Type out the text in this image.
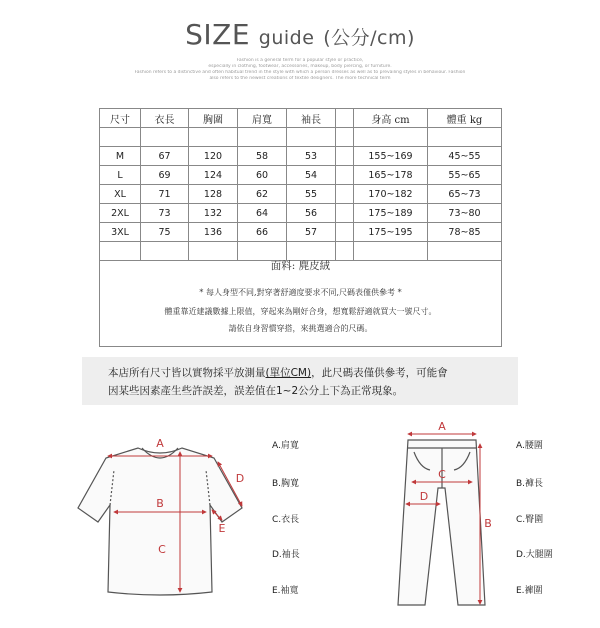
SIZE guide (公分/cm)
Fashion is a general term for a popular style or practice,
especially in clothing, footwear, accessories, makeup, body piercing, or furniture.
Fashion refers to a distinctive and often habitual trend in the style with which a person dresses as well as to prevailing styles in behaviour. Fashion
also refers to the newest creations of textile designers. The more technical term
尺寸	衣長	胸圍	肩寬	袖長		身高 cm	體重 kg

M	67	120	58	53		155~169	45~55
L	69	124	60	54		165~178	55~65
XL	71	128	62	55		170~182	65~73
2XL	73	132	64	56		175~189	73~80
3XL	75	136	66	57		175~195	78~85

面料: 麂皮絨
* 每人身型不同,對穿著舒適度要求不同,尺碼表僅供參考 *
體重靠近建議數據上限值，穿起來為剛好合身，想寬鬆舒適就買大一號尺寸。
請依自身習慣穿搭，來挑選適合的尺碼。
本店所有尺寸皆以實物採平放測量(單位CM)，此尺碼表僅供參考，可能會
因某些因素產生些許誤差，誤差值在1~2公分上下為正常現象。
A
B
C
D
E
A
B
C
D
A.肩寬
B.胸寬
C.衣長
D.袖長
E.袖寬
A.腰圍
B.褲長
C.臀圍
D.大腿圍
E.褲圍
